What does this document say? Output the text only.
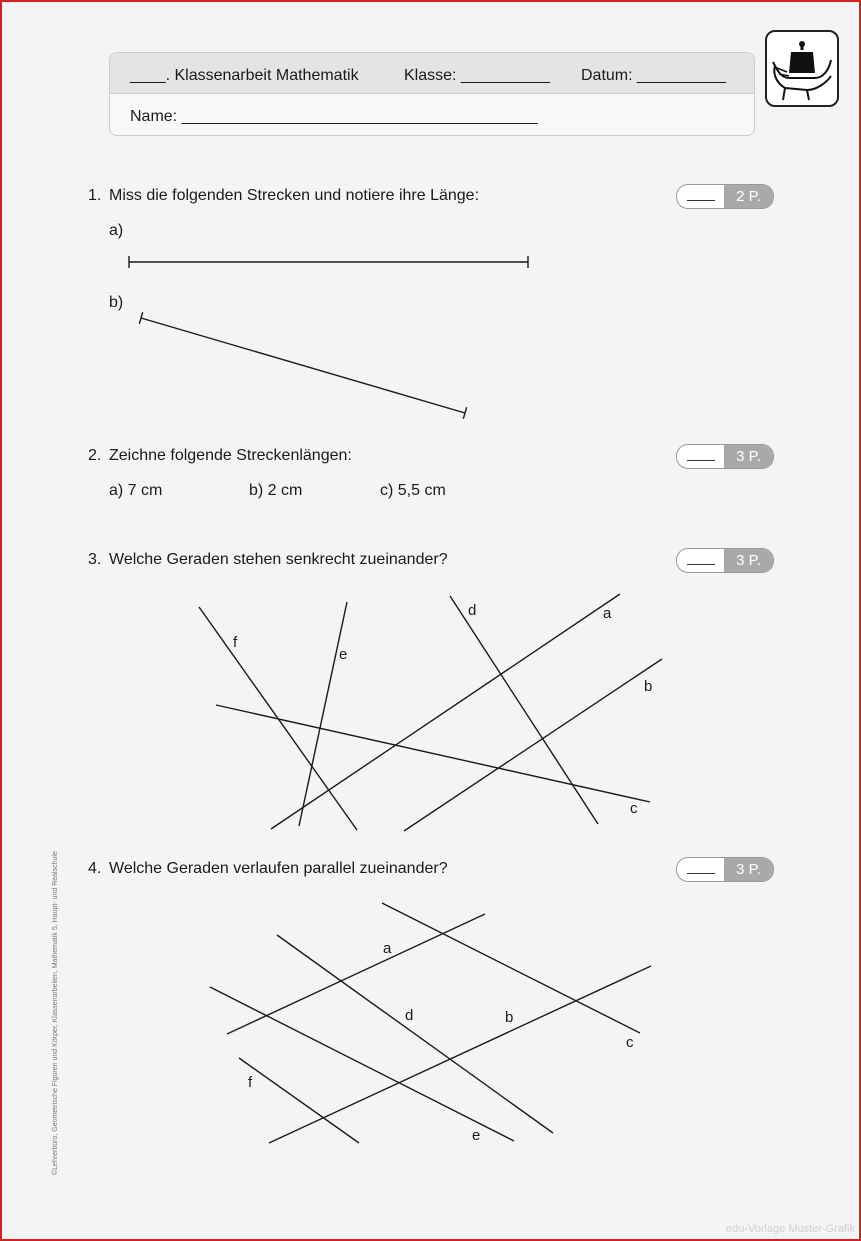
____. Klassenarbeit Mathematik	Klasse: __________ Datum: __________
Name: ________________________________________
1. Miss die folgenden Strecken und notiere ihre Länge:	2 P.
a)
b)
2. Zeichne folgende Streckenlängen:	3 P.
a) 7 cm	b) 2 cm	c) 5,5 cm
3. Welche Geraden stehen senkrecht zueinander?	3 P.
4. Welche Geraden verlaufen parallel zueinander?	3 P.
a
b
c
d
e
f
a
b
c
d
e
f
©Lehrerbüro, Geometrische Figuren und Körper, Klassenarbeiten, Mathematik 5, Haupt- und Realschule
edu-Vorlage Muster-Grafik
